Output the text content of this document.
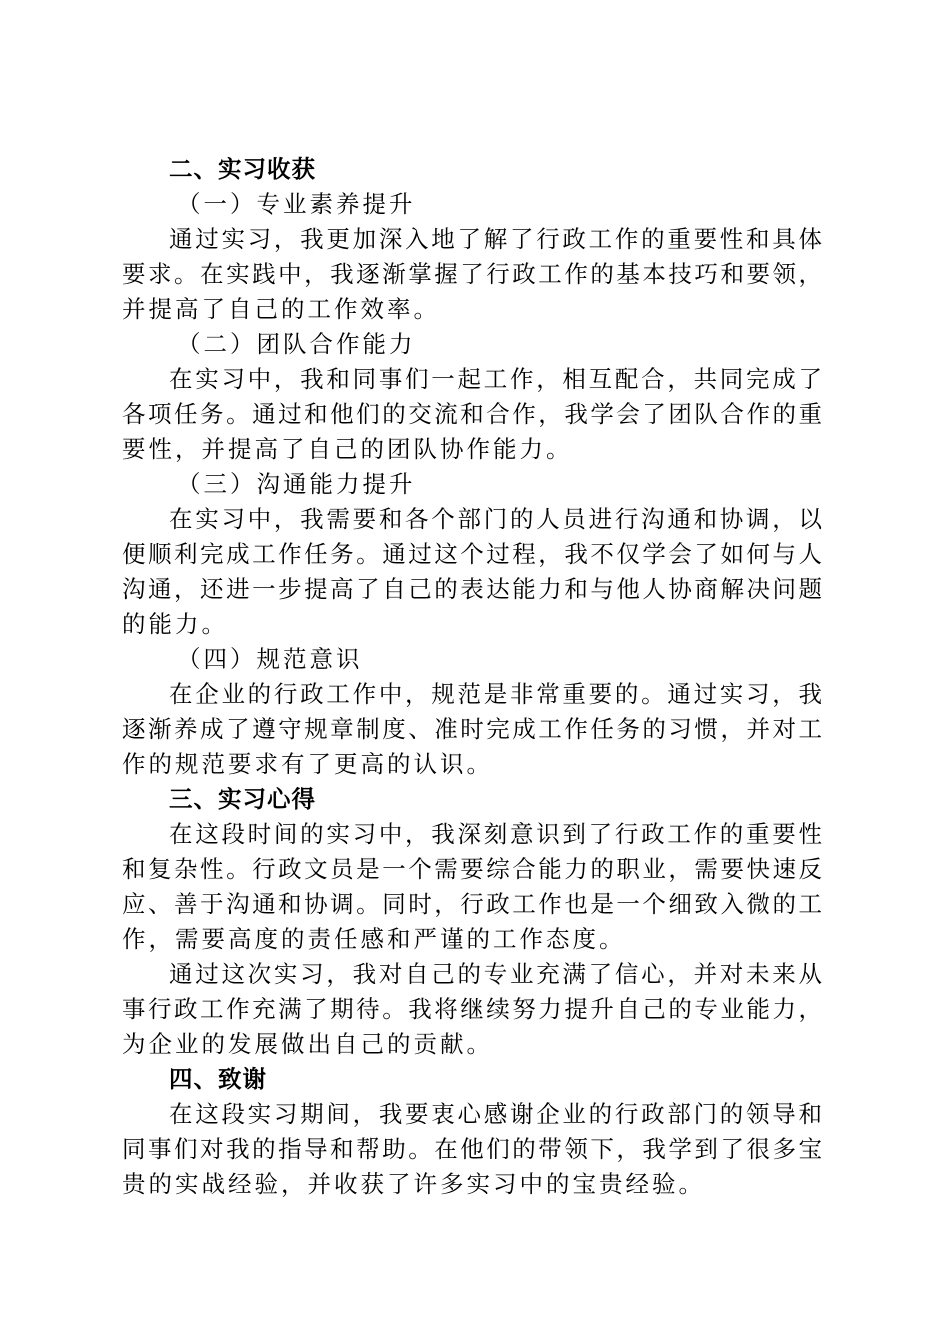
二、实习收获
（一）专业素养提升
通过实习，我更加深入地了解了行政工作的重要性和具体
要求。在实践中，我逐渐掌握了行政工作的基本技巧和要领，
并提高了自己的工作效率。
（二）团队合作能力
在实习中，我和同事们一起工作，相互配合，共同完成了
各项任务。通过和他们的交流和合作，我学会了团队合作的重
要性，并提高了自己的团队协作能力。
（三）沟通能力提升
在实习中，我需要和各个部门的人员进行沟通和协调，以
便顺利完成工作任务。通过这个过程，我不仅学会了如何与人
沟通，还进一步提高了自己的表达能力和与他人协商解决问题
的能力。
（四）规范意识
在企业的行政工作中，规范是非常重要的。通过实习，我
逐渐养成了遵守规章制度、准时完成工作任务的习惯，并对工
作的规范要求有了更高的认识。
三、实习心得
在这段时间的实习中，我深刻意识到了行政工作的重要性
和复杂性。行政文员是一个需要综合能力的职业，需要快速反
应、善于沟通和协调。同时，行政工作也是一个细致入微的工
作，需要高度的责任感和严谨的工作态度。
通过这次实习，我对自己的专业充满了信心，并对未来从
事行政工作充满了期待。我将继续努力提升自己的专业能力，
为企业的发展做出自己的贡献。
四、致谢
在这段实习期间，我要衷心感谢企业的行政部门的领导和
同事们对我的指导和帮助。在他们的带领下，我学到了很多宝
贵的实战经验，并收获了许多实习中的宝贵经验。
